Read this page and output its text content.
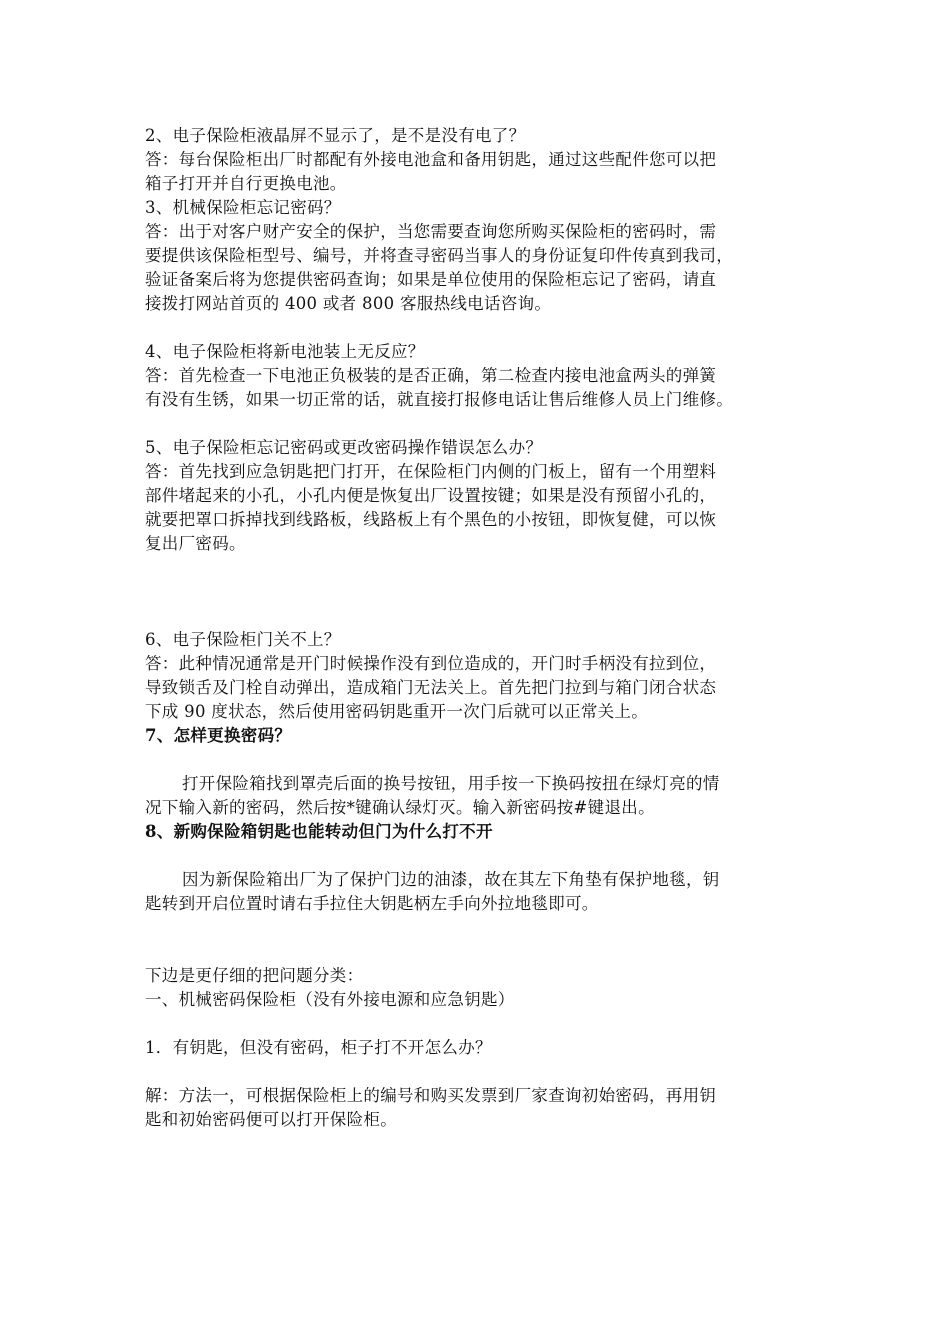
2、电子保险柜液晶屏不显示了，是不是没有电了？
答：每台保险柜出厂时都配有外接电池盒和备用钥匙，通过这些配件您可以把
箱子打开并自行更换电池。
3、机械保险柜忘记密码？
答：出于对客户财产安全的保护，当您需要查询您所购买保险柜的密码时，需
要提供该保险柜型号、编号，并将查寻密码当事人的身份证复印件传真到我司，
验证备案后将为您提供密码查询；如果是单位使用的保险柜忘记了密码，请直
接拨打网站首页的 400 或者 800 客服热线电话咨询。
4、电子保险柜将新电池装上无反应？
答：首先检查一下电池正负极装的是否正确，第二检查内接电池盒两头的弹簧
有没有生锈，如果一切正常的话，就直接打报修电话让售后维修人员上门维修。
5、电子保险柜忘记密码或更改密码操作错误怎么办？
答：首先找到应急钥匙把门打开，在保险柜门内侧的门板上，留有一个用塑料
部件堵起来的小孔，小孔内便是恢复出厂设置按键；如果是没有预留小孔的，
就要把罩口拆掉找到线路板，线路板上有个黑色的小按钮，即恢复健，可以恢
复出厂密码。
6、电子保险柜门关不上？
答：此种情况通常是开门时候操作没有到位造成的，开门时手柄没有拉到位，
导致锁舌及门栓自动弹出，造成箱门无法关上。首先把门拉到与箱门闭合状态
下成 90 度状态，然后使用密码钥匙重开一次门后就可以正常关上。
7、怎样更换密码？
打开保险箱找到罩壳后面的换号按钮，用手按一下换码按扭在绿灯亮的情
况下输入新的密码，然后按*键确认绿灯灭。输入新密码按#键退出。
8、新购保险箱钥匙也能转动但门为什么打不开
因为新保险箱出厂为了保护门边的油漆，故在其左下角垫有保护地毯，钥
匙转到开启位置时请右手拉住大钥匙柄左手向外拉地毯即可。
下边是更仔细的把问题分类：
一、机械密码保险柜（没有外接电源和应急钥匙）
1．有钥匙，但没有密码，柜子打不开怎么办？
解：方法一，可根据保险柜上的编号和购买发票到厂家查询初始密码，再用钥
匙和初始密码便可以打开保险柜。
